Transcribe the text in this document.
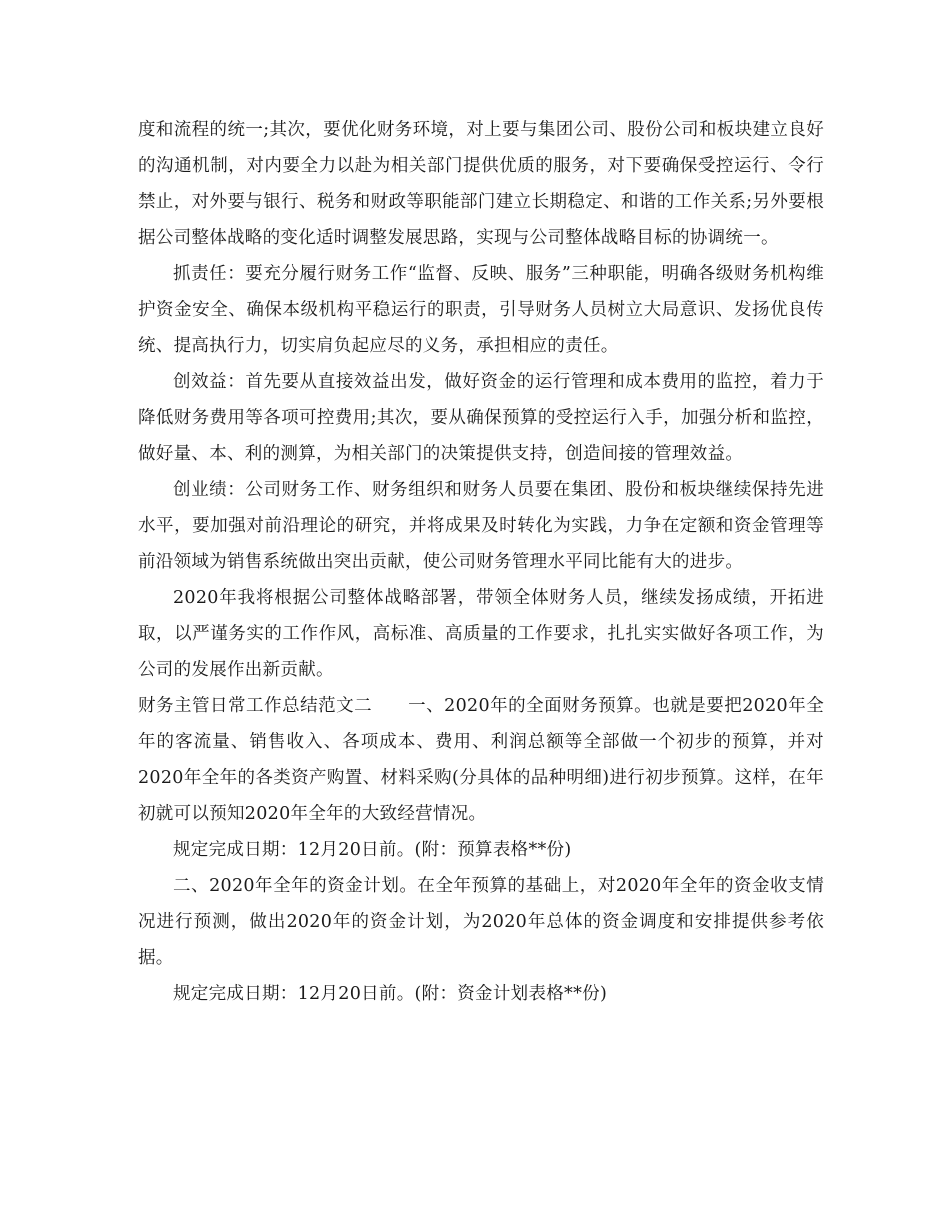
度和流程的统一;其次，要优化财务环境，对上要与集团公司、股份公司和板块建立良好的沟通机制，对内要全力以赴为相关部门提供优质的服务，对下要确保受控运行、令行禁止，对外要与银行、税务和财政等职能部门建立长期稳定、和谐的工作关系;另外要根据公司整体战略的变化适时调整发展思路，实现与公司整体战略目标的协调统一。

抓责任：要充分履行财务工作“监督、反映、服务”三种职能，明确各级财务机构维护资金安全、确保本级机构平稳运行的职责，引导财务人员树立大局意识、发扬优良传统、提高执行力，切实肩负起应尽的义务，承担相应的责任。

创效益：首先要从直接效益出发，做好资金的运行管理和成本费用的监控，着力于降低财务费用等各项可控费用;其次，要从确保预算的受控运行入手，加强分析和监控，做好量、本、利的测算，为相关部门的决策提供支持，创造间接的管理效益。

创业绩：公司财务工作、财务组织和财务人员要在集团、股份和板块继续保持先进水平，要加强对前沿理论的研究，并将成果及时转化为实践，力争在定额和资金管理等前沿领域为销售系统做出突出贡献，使公司财务管理水平同比能有大的进步。

2020年我将根据公司整体战略部署，带领全体财务人员，继续发扬成绩，开拓进取，以严谨务实的工作作风，高标准、高质量的工作要求，扎扎实实做好各项工作，为公司的发展作出新贡献。

财务主管日常工作总结范文二 一、2020年的全面财务预算。也就是要把2020年全年的客流量、销售收入、各项成本、费用、利润总额等全部做一个初步的预算，并对2020年全年的各类资产购置、材料采购(分具体的品种明细)进行初步预算。这样，在年初就可以预知2020年全年的大致经营情况。

规定完成日期：12月20日前。(附：预算表格**份)

二、2020年全年的资金计划。在全年预算的基础上，对2020年全年的资金收支情况进行预测，做出2020年的资金计划，为2020年总体的资金调度和安排提供参考依据。

规定完成日期：12月20日前。(附：资金计划表格**份)
